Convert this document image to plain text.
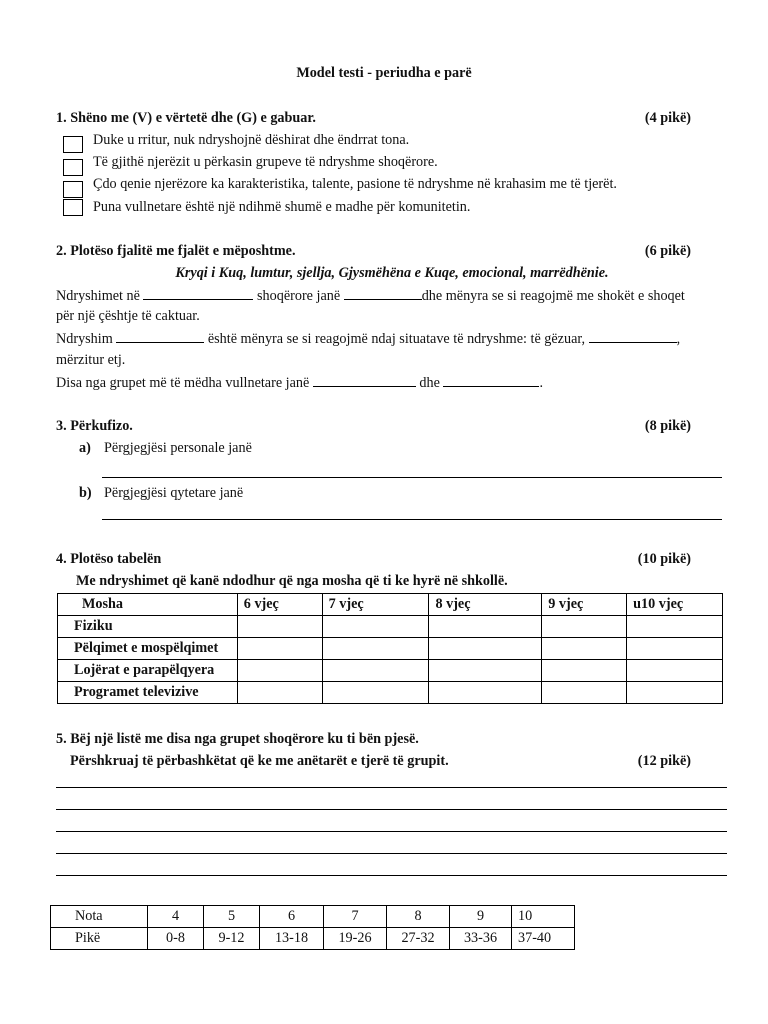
Model testi - periudha e parë
1. Shëno me (V) e vërtetë dhe (G) e gabuar.	(4 pikë)
Duke u rritur, nuk ndryshojnë dëshirat dhe ëndrrat tona.
Të gjithë njerëzit u përkasin grupeve të ndryshme shoqërore.
Çdo qenie njerëzore ka karakteristika, talente, pasione të ndryshme në krahasim me të tjerët.
Puna vullnetare është një ndihmë shumë e madhe për komunitetin.
2. Plotëso fjalitë me fjalët e mëposhtme.	(6 pikë)
Kryqi i Kuq, lumtur, sjellja, Gjysmëhëna e Kuqe, emocional, marrëdhënie.
Ndryshimet në	shoqërore janë	dhe mënyra se si reagojmë me shokët e shoqet
për një çështje të caktuar.
Ndryshim	është mënyra se si reagojmë ndaj situatave të ndryshme: të gëzuar,	,
mërzitur etj.
Disa nga grupet më të mëdha vullnetare janë	dhe	.
3. Përkufizo.	(8 pikë)
a) Përgjegjësi personale janë
b) Përgjegjësi qytetare janë
4. Plotëso tabelën	(10 pikë)
Me ndryshimet që kanë ndodhur që nga mosha që ti ke hyrë në shkollë.
Mosha	6 vjeç	7 vjeç	8 vjeç	9 vjeç	u10 vjeç
Fiziku					
Pëlqimet e mospëlqimet					
Lojërat e parapëlqyera					
Programet televizive					
5. Bëj një listë me disa nga grupet shoqërore ku ti bën pjesë.
Përshkruaj të përbashkëtat që ke me anëtarët e tjerë të grupit.	(12 pikë)
Nota	4	5	6	7	8	9	10
Pikë	0-8	9-12	13-18	19-26	27-32	33-36	37-40
